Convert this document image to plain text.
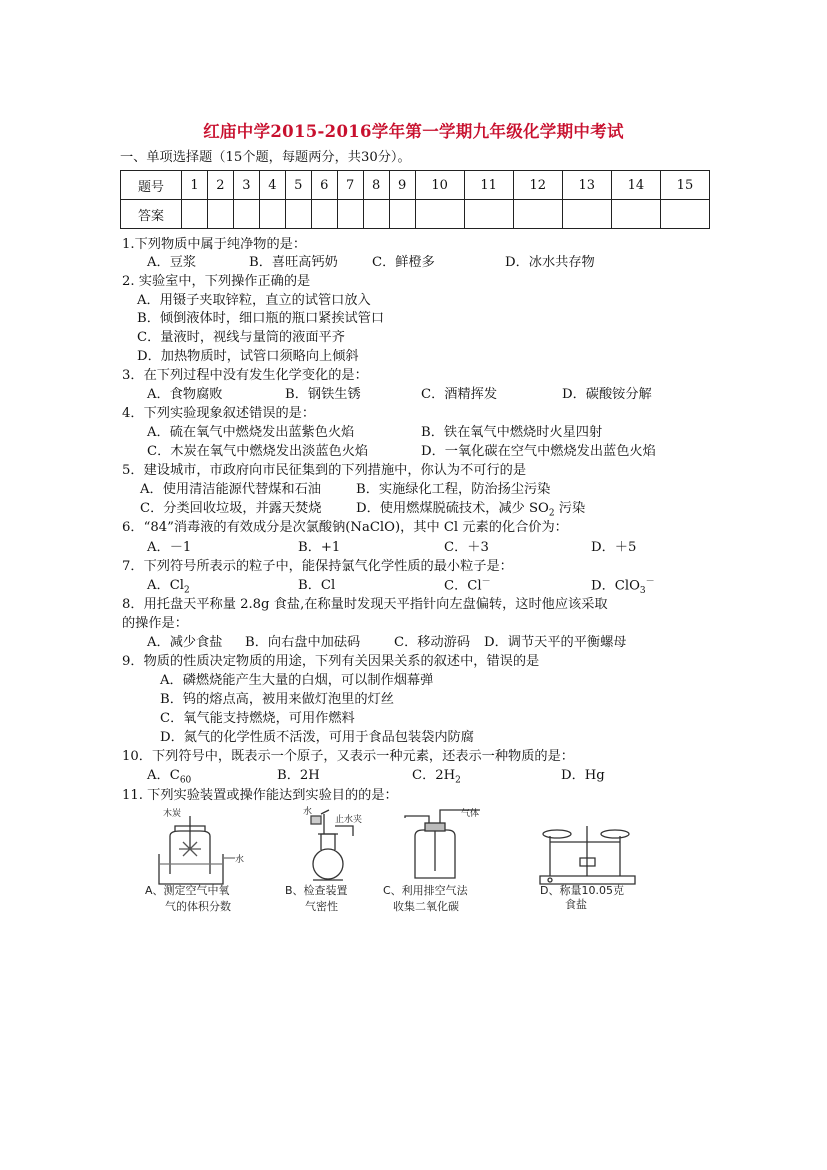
红庙中学2015-2016学年第一学期九年级化学期中考试
一、单项选择题（15个题，每题两分，共30分）。
题号	1	2	3	4	5	6	7	8	9	10	11	12	13	14	15
答案															
1.下列物质中属于纯净物的是：
A．豆浆	B．喜旺高钙奶	C．鲜橙多	D．冰水共存物
2. 实验室中，下列操作正确的是
A．用镊子夹取锌粒，直立的试管口放入
B．倾倒液体时，细口瓶的瓶口紧挨试管口
C．量液时，视线与量筒的液面平齐
D．加热物质时，试管口须略向上倾斜
3．在下列过程中没有发生化学变化的是：
A．食物腐败	B．钢铁生锈	C．酒精挥发	D．碳酸铵分解
4．下列实验现象叙述错误的是：
A．硫在氧气中燃烧发出蓝紫色火焰	B．铁在氧气中燃烧时火星四射
C．木炭在氧气中燃烧发出淡蓝色火焰	D．一氧化碳在空气中燃烧发出蓝色火焰
5．建设城市，市政府向市民征集到的下列措施中，你认为不可行的是
A．使用清洁能源代替煤和石油	B．实施绿化工程，防治扬尘污染
C．分类回收垃圾，并露天焚烧	D．使用燃煤脱硫技术，减少 $SO_2$ 污染
6．“84”消毒液的有效成分是次氯酸钠(NaClO)，其中 Cl 元素的化合价为：
A．－1	B．+1	C．＋3	D．＋5
7．下列符号所表示的粒子中，能保持氯气化学性质的最小粒子是：
A．$Cl_2$	B．Cl	C．Cl－	D．ClO$_3$－
8．用托盘天平称量 2.8g 食盐,在称量时发现天平指针向左盘偏转，这时他应该采取
的操作是：
A．减少食盐 B．向右盘中加砝码	C．移动游码 D．调节天平的平衡螺母
9．物质的性质决定物质的用途，下列有关因果关系的叙述中，错误的是
A．磷燃烧能产生大量的白烟，可以制作烟幕弹
B．钨的熔点高，被用来做灯泡里的灯丝
C．氧气能支持燃烧，可用作燃料
D．氮气的化学性质不活泼，可用于食品包装袋内防腐
10．下列符号中，既表示一个原子，又表示一种元素，还表示一种物质的是：
A．$C_{60}$	B．2H	C．$2H_2$	D．Hg
11. 下列实验装置或操作能达到实验目的的是：
木炭
水
水
止水夹
气体
A、测定空气中氧
气的体积分数
B、检查装置
气密性
C、利用排空气法
收集二氧化碳
D、称量10.05克
食盐
